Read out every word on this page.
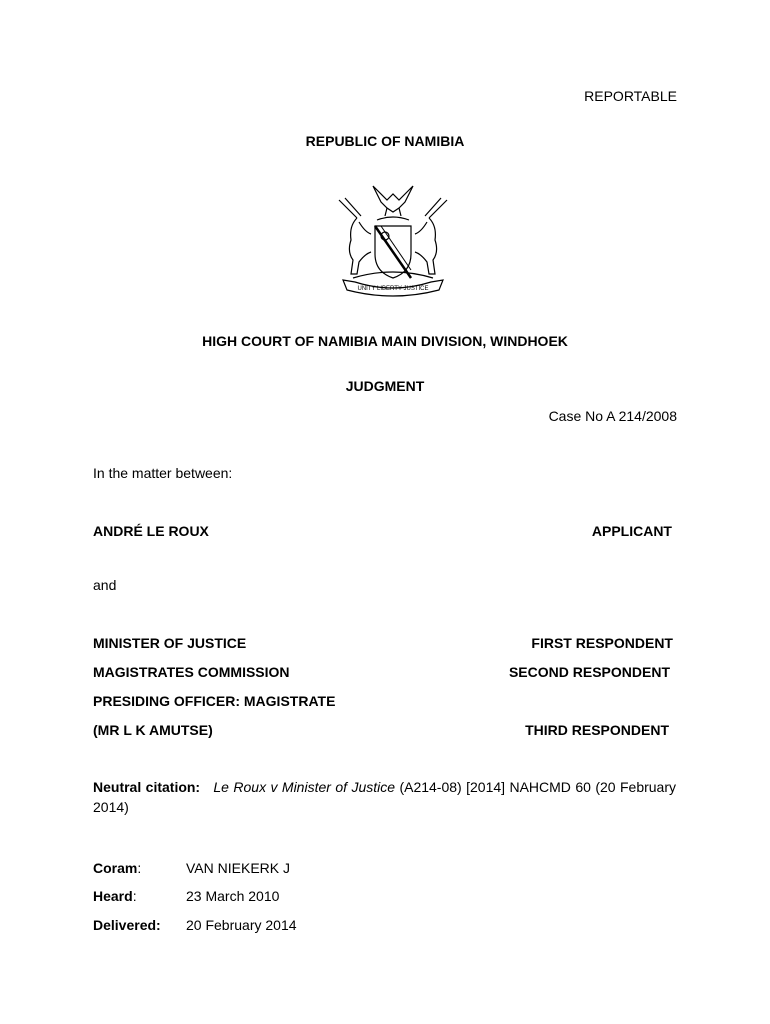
REPORTABLE
REPUBLIC OF NAMIBIA
UNITY LIBERTY JUSTICE
HIGH COURT OF NAMIBIA MAIN DIVISION, WINDHOEK
JUDGMENT
Case No A 214/2008
In the matter between:
ANDRÉ LE ROUX	APPLICANT
and
MINISTER OF JUSTICE	FIRST RESPONDENT
MAGISTRATES COMMISSION	SECOND RESPONDENT
PRESIDING OFFICER: MAGISTRATE
(MR L K AMUTSE)	THIRD RESPONDENT
Neutral citation: Le Roux v Minister of Justice (A214-08) [2014] NAHCMD 60 (20 February 2014)
Coram:	VAN NIEKERK J
Heard:	23 March 2010
Delivered: 20 February 2014
